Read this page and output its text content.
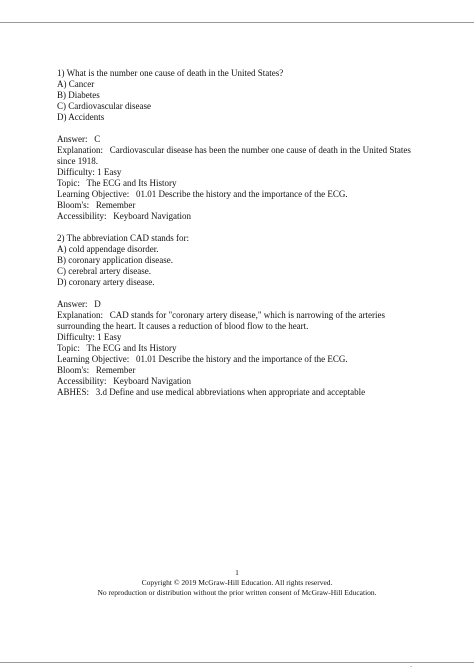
1) What is the number one cause of death in the United States?
A) Cancer
B) Diabetes
C) Cardiovascular disease
D) Accidents
Answer:   C
Explanation:   Cardiovascular disease has been the number one cause of death in the United States since 1918.
Difficulty: 1 Easy
Topic:   The ECG and Its History
Learning Objective:   01.01 Describe the history and the importance of the ECG.
Bloom's:   Remember
Accessibility:   Keyboard Navigation
2) The abbreviation CAD stands for:
A) cold appendage disorder.
B) coronary application disease.
C) cerebral artery disease.
D) coronary artery disease.
Answer:   D
Explanation:   CAD stands for "coronary artery disease," which is narrowing of the arteries surrounding the heart. It causes a reduction of blood flow to the heart.
Difficulty: 1 Easy
Topic:   The ECG and Its History
Learning Objective:   01.01 Describe the history and the importance of the ECG.
Bloom's:   Remember
Accessibility:   Keyboard Navigation
ABHES:   3.d Define and use medical abbreviations when appropriate and acceptable
1
Copyright © 2019 McGraw-Hill Education. All rights reserved.
No reproduction or distribution without the prior written consent of McGraw-Hill Education.
-
